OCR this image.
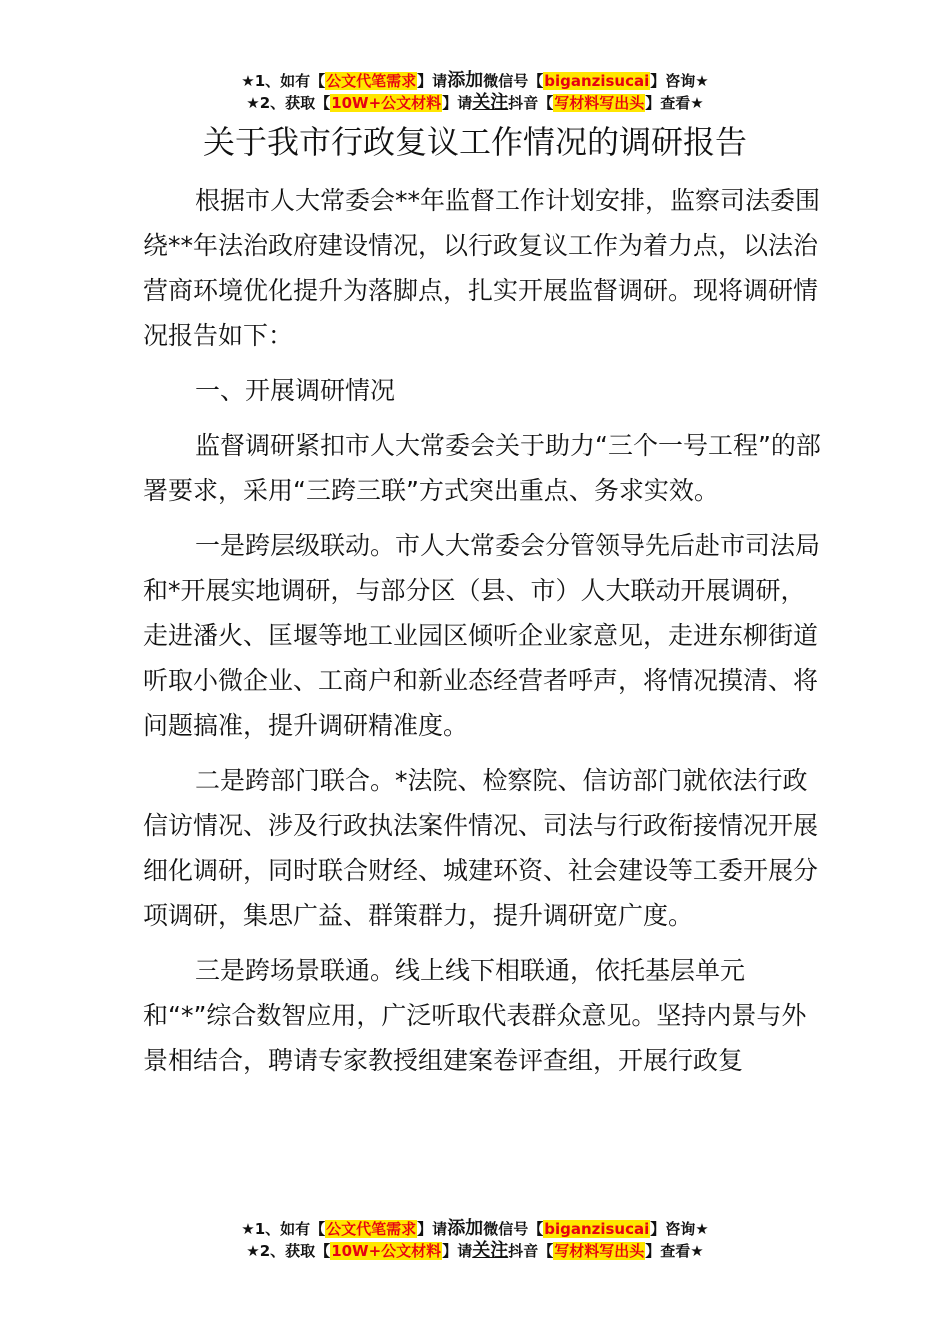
★1、如有【公文代笔需求】请添加微信号【biganzisucai】咨询★
★2、获取【10W+公文材料】请关注抖音【写材料写出头】查看★
关于我市行政复议工作情况的调研报告

根据市人大常委会**年监督工作计划安排，监察司法委围绕**年法治政府建设情况，以行政复议工作为着力点，以法治营商环境优化提升为落脚点，扎实开展监督调研。现将调研情况报告如下：

一、开展调研情况

监督调研紧扣市人大常委会关于助力“三个一号工程”的部署要求，采用“三跨三联”方式突出重点、务求实效。

一是跨层级联动。市人大常委会分管领导先后赴市司法局和*开展实地调研，与部分区（县、市）人大联动开展调研，走进潘火、匡堰等地工业园区倾听企业家意见，走进东柳街道听取小微企业、工商户和新业态经营者呼声，将情况摸清、将问题搞准，提升调研精准度。

二是跨部门联合。*法院、检察院、信访部门就依法行政信访情况、涉及行政执法案件情况、司法与行政衔接情况开展细化调研，同时联合财经、城建环资、社会建设等工委开展分项调研，集思广益、群策群力，提升调研宽广度。

三是跨场景联通。线上线下相联通，依托基层单元和“*”综合数智应用，广泛听取代表群众意见。坚持内景与外景相结合，聘请专家教授组建案卷评查组，开展行政复

★1、如有【公文代笔需求】请添加微信号【biganzisucai】咨询★
★2、获取【10W+公文材料】请关注抖音【写材料写出头】查看★
